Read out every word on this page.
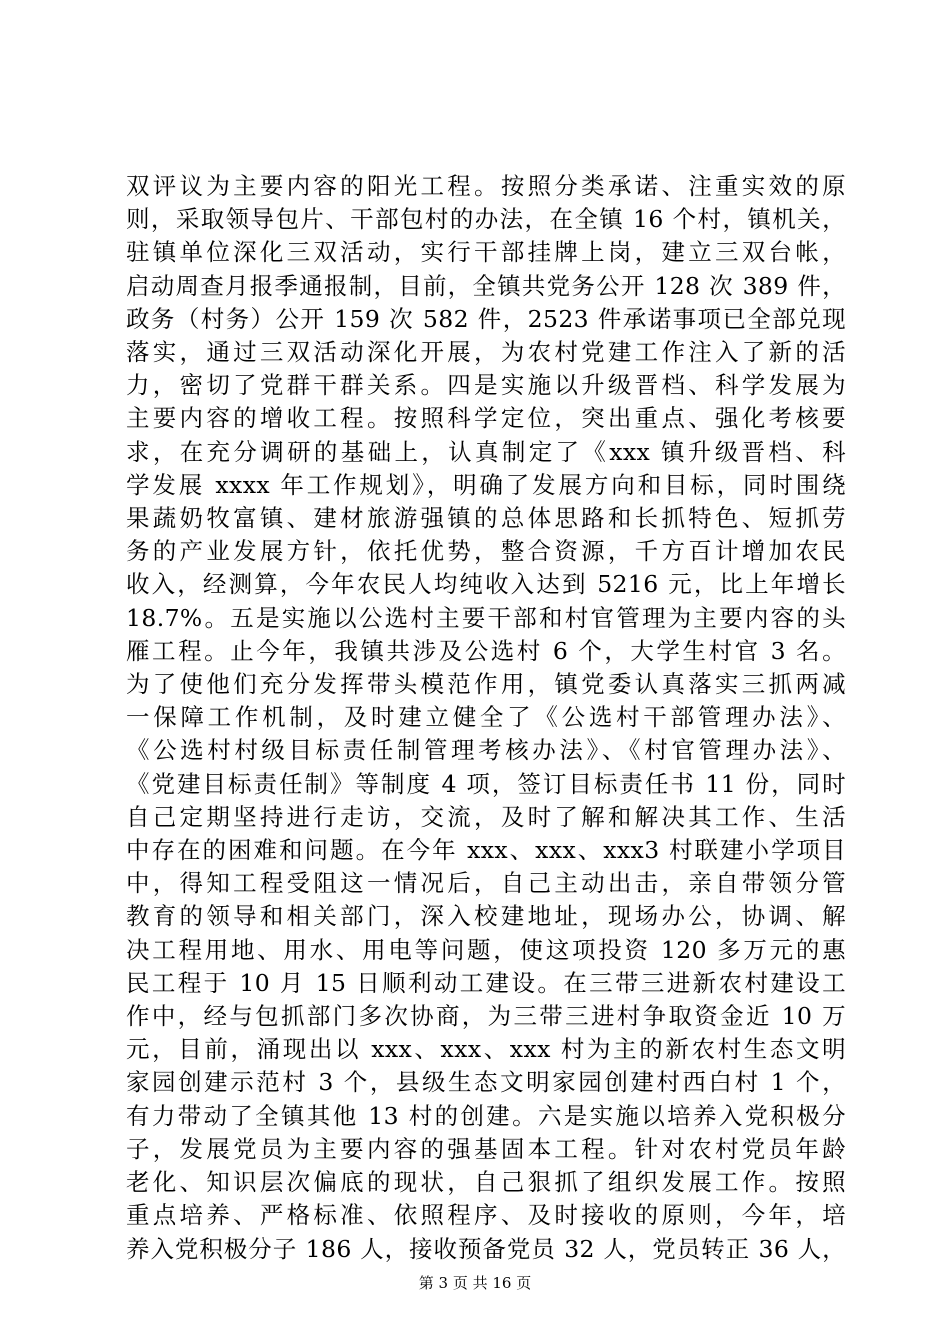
双评议为主要内容的阳光工程。按照分类承诺、注重实效的原
则，采取领导包片、干部包村的办法，在全镇 16 个村，镇机关，
驻镇单位深化三双活动，实行干部挂牌上岗，建立三双台帐，
启动周查月报季通报制，目前，全镇共党务公开 128 次 389 件，
政务（村务）公开 159 次 582 件，2523 件承诺事项已全部兑现
落实，通过三双活动深化开展，为农村党建工作注入了新的活
力，密切了党群干群关系。四是实施以升级晋档、科学发展为
主要内容的增收工程。按照科学定位，突出重点、强化考核要
求，在充分调研的基础上，认真制定了《xxx 镇升级晋档、科
学发展 xxxx 年工作规划》，明确了发展方向和目标，同时围绕
果蔬奶牧富镇、建材旅游强镇的总体思路和长抓特色、短抓劳
务的产业发展方针，依托优势，整合资源，千方百计增加农民
收入，经测算，今年农民人均纯收入达到 5216 元，比上年增长
18.7%。五是实施以公选村主要干部和村官管理为主要内容的头
雁工程。止今年，我镇共涉及公选村 6 个，大学生村官 3 名。
为了使他们充分发挥带头模范作用，镇党委认真落实三抓两减
一保障工作机制，及时建立健全了《公选村干部管理办法》、
《公选村村级目标责任制管理考核办法》、《村官管理办法》、
《党建目标责任制》等制度 4 项，签订目标责任书 11 份，同时
自己定期坚持进行走访，交流，及时了解和解决其工作、生活
中存在的困难和问题。在今年 xxx、xxx、xxx3 村联建小学项目
中，得知工程受阻这一情况后，自己主动出击，亲自带领分管
教育的领导和相关部门，深入校建地址，现场办公，协调、解
决工程用地、用水、用电等问题，使这项投资 120 多万元的惠
民工程于 10 月 15 日顺利动工建设。在三带三进新农村建设工
作中，经与包抓部门多次协商，为三带三进村争取资金近 10 万
元，目前，涌现出以 xxx、xxx、xxx 村为主的新农村生态文明
家园创建示范村 3 个，县级生态文明家园创建村西白村 1 个，
有力带动了全镇其他 13 村的创建。六是实施以培养入党积极分
子，发展党员为主要内容的强基固本工程。针对农村党员年龄
老化、知识层次偏底的现状，自己狠抓了组织发展工作。按照
重点培养、严格标准、依照程序、及时接收的原则，今年，培
养入党积极分子 186 人，接收预备党员 32 人，党员转正 36 人，
第 3 页 共 16 页
